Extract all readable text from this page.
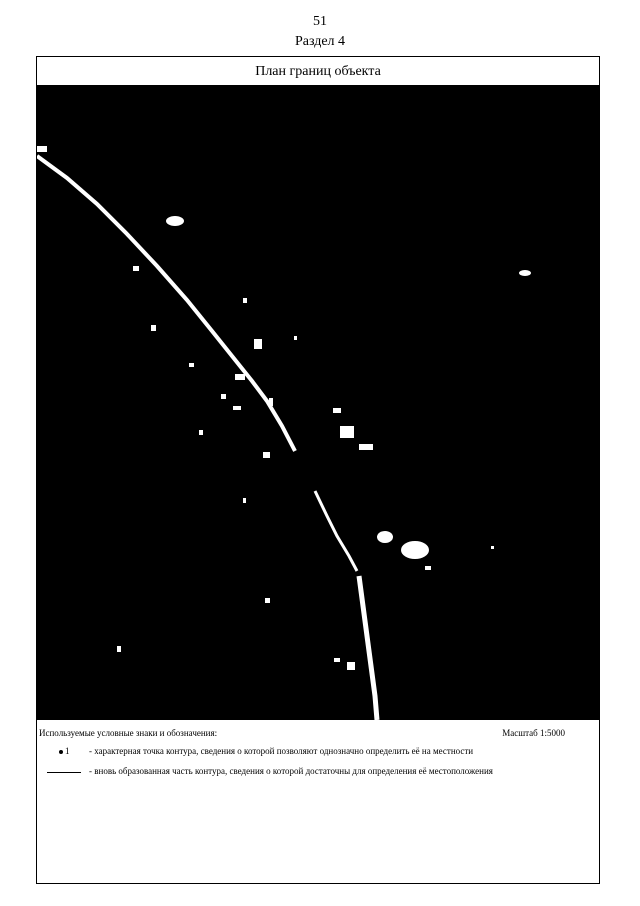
51
Раздел 4
План границ объекта
Используемые условные знаки и обозначения:	Масштаб 1:5000
1 - характерная точка контура, сведения о которой позволяют однозначно определить её на местности
- вновь образованная часть контура, сведения о которой достаточны для определения её местоположения
